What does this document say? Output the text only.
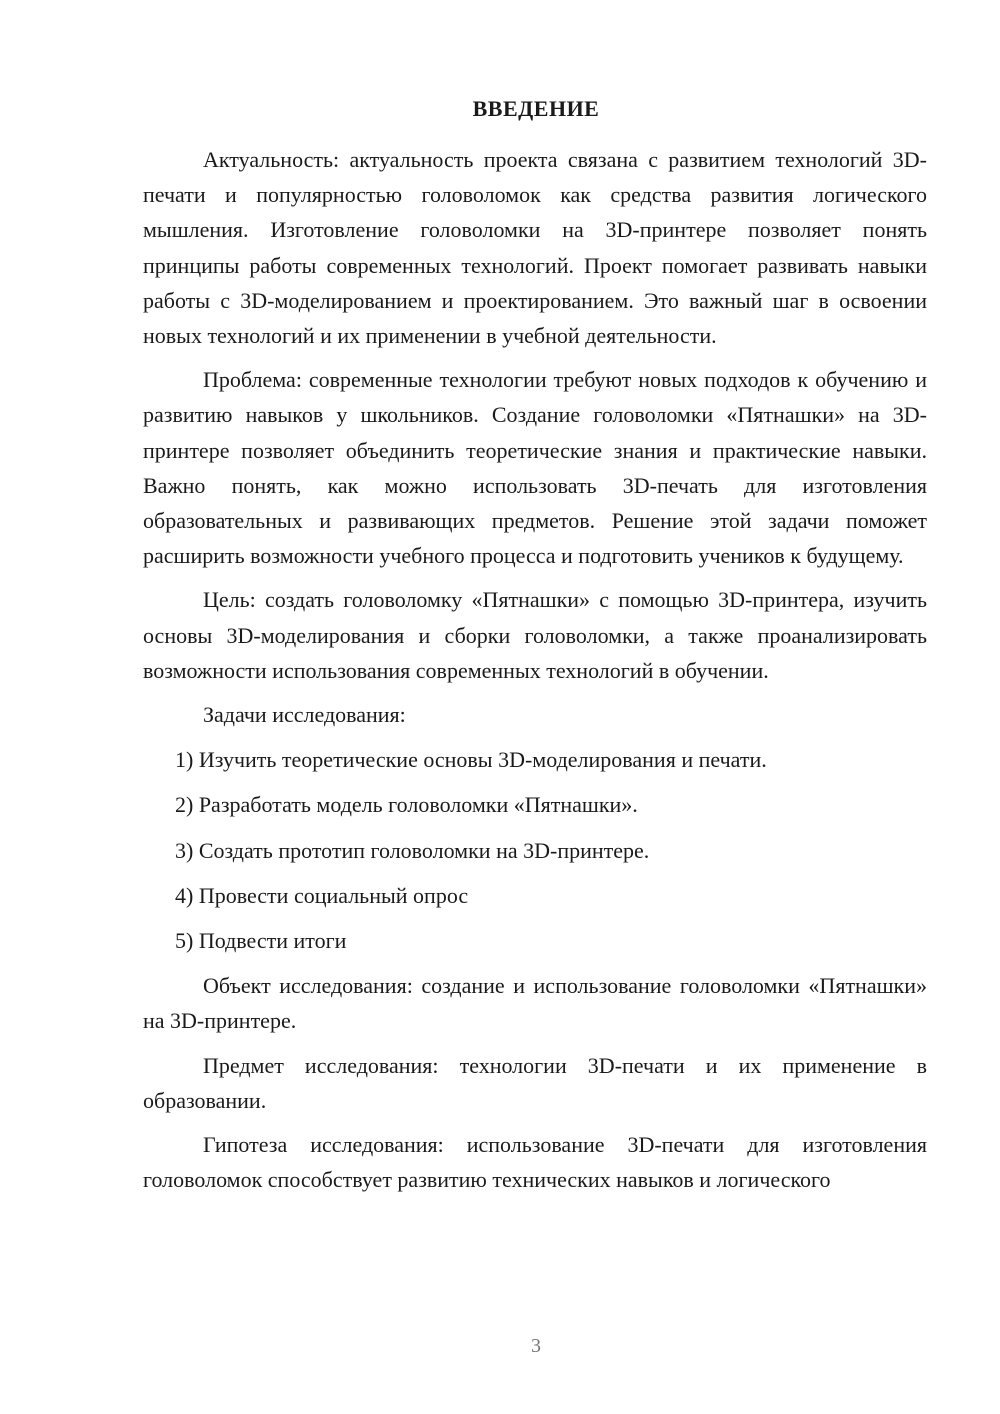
ВВЕДЕНИЕ

Актуальность: актуальность проекта связана с развитием технологий 3D-печати и популярностью головоломок как средства развития логического мышления. Изготовление головоломки на 3D-принтере позволяет понять принципы работы современных технологий. Проект помогает развивать навыки работы с 3D-моделированием и проектированием. Это важный шаг в освоении новых технологий и их применении в учебной деятельности.

Проблема: современные технологии требуют новых подходов к обучению и развитию навыков у школьников. Создание головоломки «Пятнашки» на 3D-принтере позволяет объединить теоретические знания и практические навыки. Важно понять, как можно использовать 3D-печать для изготовления образовательных и развивающих предметов. Решение этой задачи поможет расширить возможности учебного процесса и подготовить учеников к будущему.

Цель: создать головоломку «Пятнашки» с помощью 3D-принтера, изучить основы 3D-моделирования и сборки головоломки, а также проанализировать возможности использования современных технологий в обучении.

Задачи исследования:

1) Изучить теоретические основы 3D-моделирования и печати.

2) Разработать модель головоломки «Пятнашки».

3) Создать прототип головоломки на 3D-принтере.

4) Провести социальный опрос

5) Подвести итоги

Объект исследования: создание и использование головоломки «Пятнашки» на 3D-принтере.

Предмет исследования: технологии 3D-печати и их применение в образовании.

Гипотеза исследования: использование 3D-печати для изготовления головоломок способствует развитию технических навыков и логического

3
